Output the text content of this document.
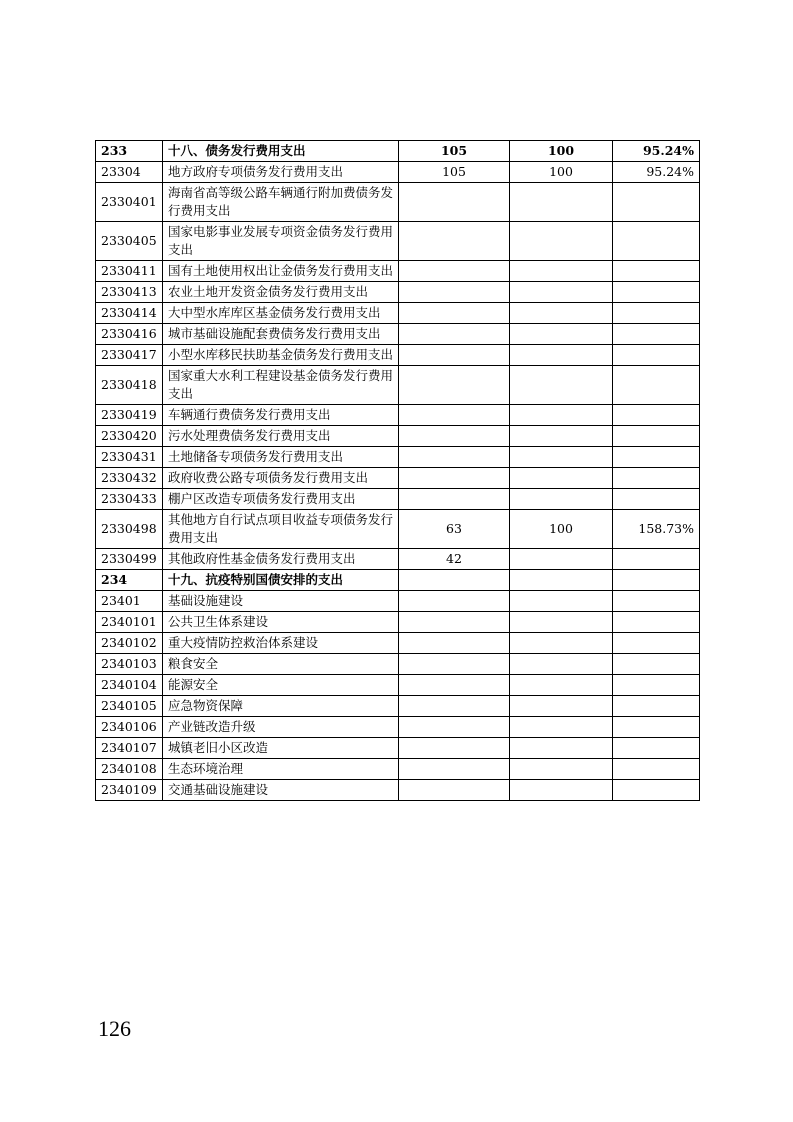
233	十八、债务发行费用支出	105	100	95.24%
23304	地方政府专项债务发行费用支出	105	100	95.24%
2330401	海南省高等级公路车辆通行附加费债务发行费用支出			
2330405	国家电影事业发展专项资金债务发行费用支出			
2330411	国有土地使用权出让金债务发行费用支出			
2330413	农业土地开发资金债务发行费用支出			
2330414	大中型水库库区基金债务发行费用支出			
2330416	城市基础设施配套费债务发行费用支出			
2330417	小型水库移民扶助基金债务发行费用支出			
2330418	国家重大水利工程建设基金债务发行费用支出			
2330419	车辆通行费债务发行费用支出			
2330420	污水处理费债务发行费用支出			
2330431	土地储备专项债务发行费用支出			
2330432	政府收费公路专项债务发行费用支出			
2330433	棚户区改造专项债务发行费用支出			
2330498	其他地方自行试点项目收益专项债务发行费用支出	63	100	158.73%
2330499	其他政府性基金债务发行费用支出	42		
234	十九、抗疫特别国债安排的支出			
23401	基础设施建设			
2340101	公共卫生体系建设			
2340102	重大疫情防控救治体系建设			
2340103	粮食安全			
2340104	能源安全			
2340105	应急物资保障			
2340106	产业链改造升级			
2340107	城镇老旧小区改造			
2340108	生态环境治理			
2340109	交通基础设施建设			
126
